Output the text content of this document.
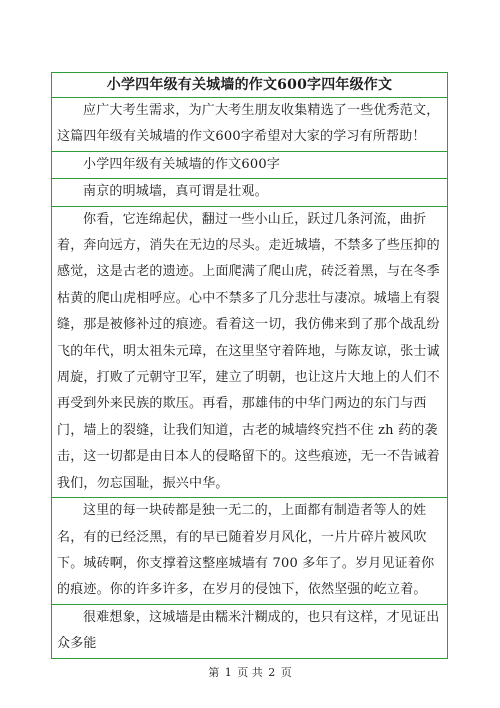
小学四年级有关城墙的作文600字四年级作文
应广大考生需求，为广大考生朋友收集精选了一些优秀范文，这篇四年级有关城墙的作文600字希望对大家的学习有所帮助！
小学四年级有关城墙的作文600字
南京的明城墙，真可谓是壮观。
你看，它连绵起伏，翻过一些小山丘，跃过几条河流，曲折着，奔向远方，消失在无边的尽头。走近城墙，不禁多了些压抑的感觉，这是古老的遗迹。上面爬满了爬山虎，砖泛着黑，与在冬季枯黄的爬山虎相呼应。心中不禁多了几分悲壮与凄凉。城墙上有裂缝，那是被修补过的痕迹。看着这一切，我仿佛来到了那个战乱纷飞的年代，明太祖朱元璋，在这里坚守着阵地，与陈友谅，张士诚周旋，打败了元朝守卫军，建立了明朝，也让这片大地上的人们不再受到外来民族的欺压。再看，那雄伟的中华门两边的东门与西门，墙上的裂缝，让我们知道，古老的城墙终究挡不住 zh 药的袭击，这一切都是由日本人的侵略留下的。这些痕迹，无一不告诫着我们，勿忘国耻，振兴中华。
这里的每一块砖都是独一无二的，上面都有制造者等人的姓名，有的已经泛黑，有的早已随着岁月风化，一片片碎片被风吹下。城砖啊，你支撑着这整座城墙有 700 多年了。岁月见证着你的痕迹。你的许多许多，在岁月的侵蚀下，依然坚强的屹立着。
很难想象，这城墙是由糯米汁糊成的，也只有这样，才见证出众多能
第 1 页 共 2 页
